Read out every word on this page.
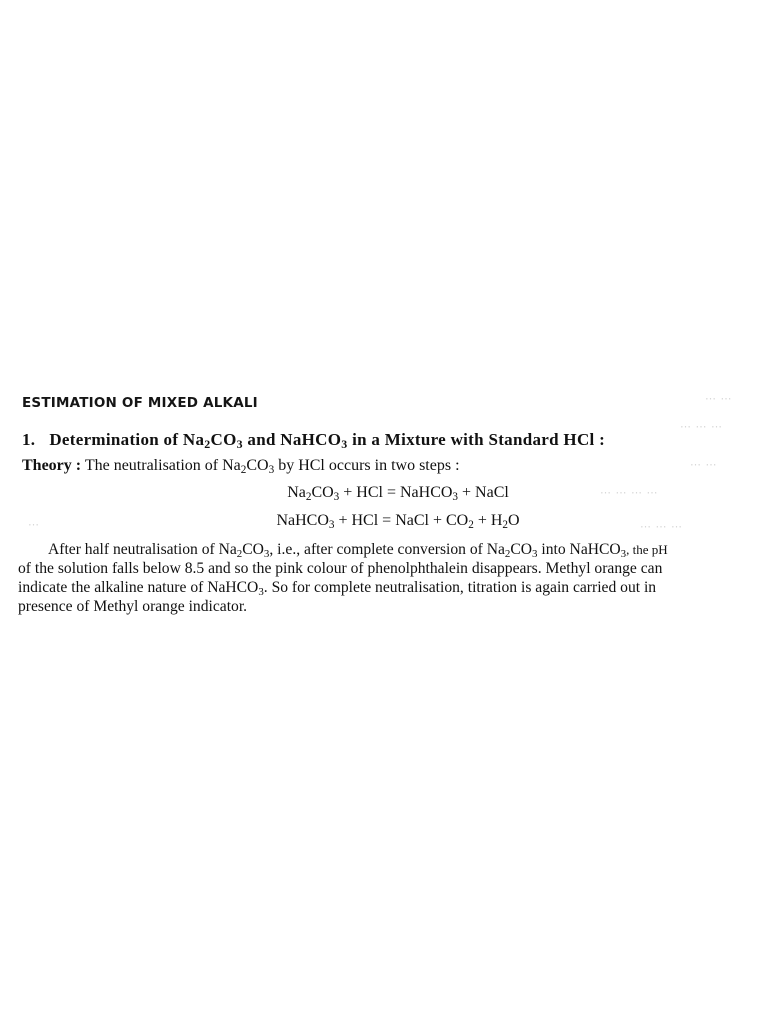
⋯ ⋯
⋯ ⋯ ⋯
⋯ ⋯
⋯ ⋯ ⋯ ⋯
⋯	⋯ ⋯ ⋯
ESTIMATION OF MIXED ALKALI
1. Determination of $Na_2CO_3$ and NaHCO$_3$ in a Mixture with Standard HCl :
Theory : The neutralisation of $Na_2CO_3$ by HCl occurs in two steps :
$Na_2CO_3$ + HCl = NaHCO$_3$ + NaCl
NaHCO$_3$ + HCl = NaCl + $CO_2 + H_2O$
After half neutralisation of $Na_2CO_3$, i.e., after complete conversion of $Na_2CO_3$ into NaHCO$_3$, the pH
of the solution falls below 8.5 and so the pink colour of phenolphthalein disappears. Methyl orange can
indicate the alkaline nature of NaHCO$_3$. So for complete neutralisation, titration is again carried out in
presence of Methyl orange indicator.
